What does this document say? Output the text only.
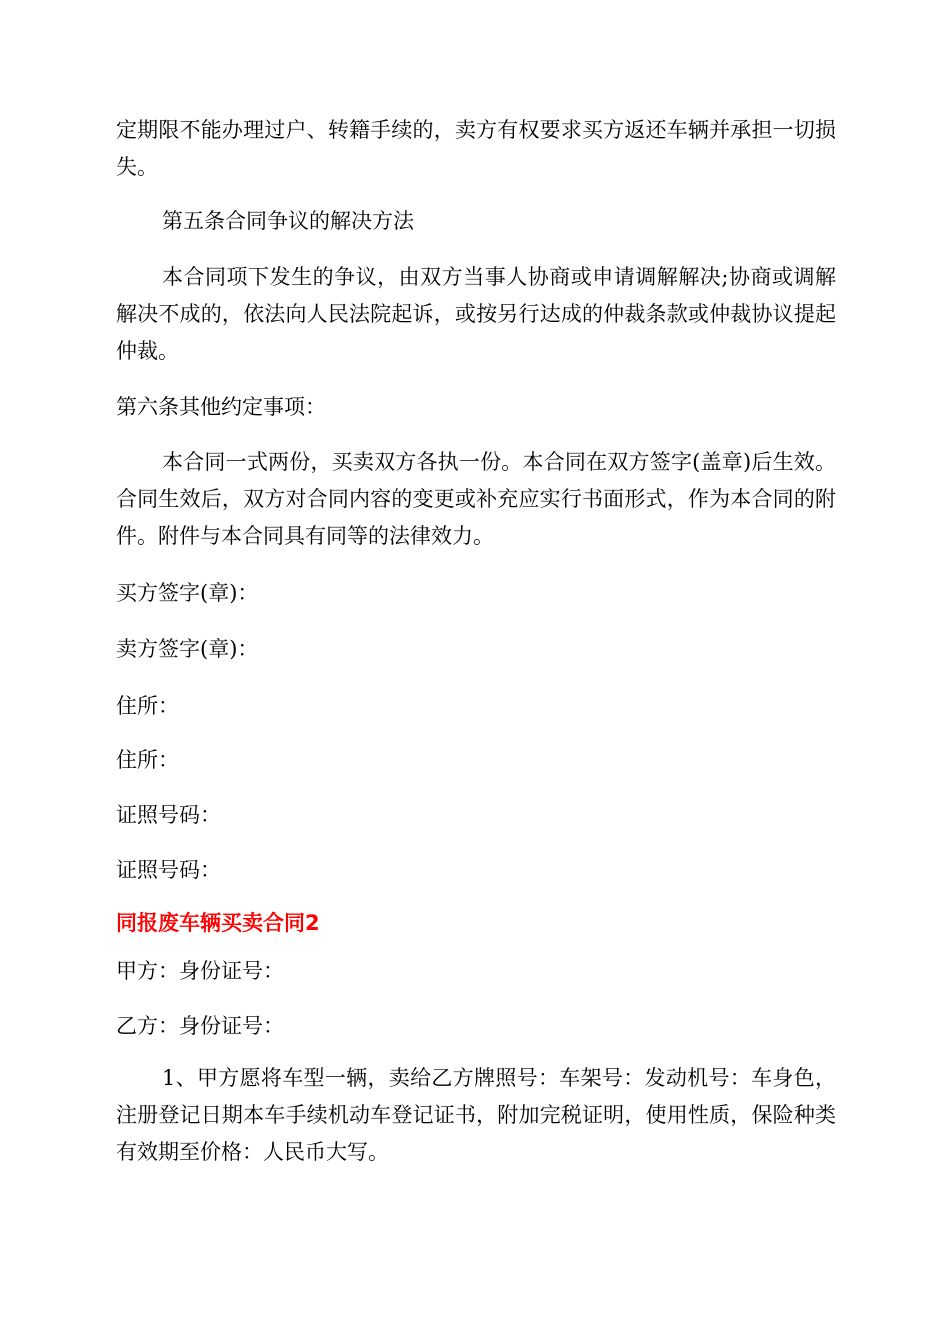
定期限不能办理过户、转籍手续的，卖方有权要求买方返还车辆并承担一切损失。

第五条合同争议的解决方法

本合同项下发生的争议，由双方当事人协商或申请调解解决;协商或调解解决不成的，依法向人民法院起诉，或按另行达成的仲裁条款或仲裁协议提起仲裁。

第六条其他约定事项：

本合同一式两份，买卖双方各执一份。本合同在双方签字(盖章)后生效。合同生效后，双方对合同内容的变更或补充应实行书面形式，作为本合同的附件。附件与本合同具有同等的法律效力。

买方签字(章)：

卖方签字(章)：

住所：

住所：

证照号码：

证照号码：

同报废车辆买卖合同2

甲方：身份证号：

乙方：身份证号：

1、甲方愿将车型一辆，卖给乙方牌照号：车架号：发动机号：车身色，注册登记日期本车手续机动车登记证书，附加完税证明，使用性质，保险种类有效期至价格：人民币大写。
